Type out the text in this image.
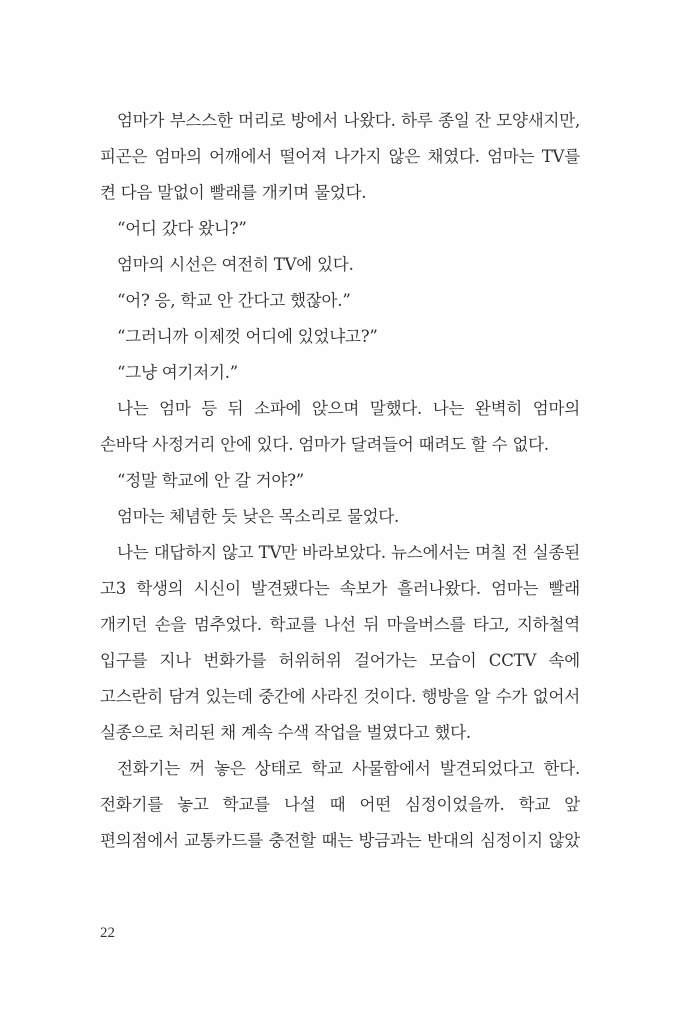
엄마가 부스스한 머리로 방에서 나왔다. 하루 종일 잔 모양새지만, 피곤은 엄마의 어깨에서 떨어져 나가지 않은 채였다. 엄마는 TV를 켠 다음 말없이 빨래를 개키며 물었다.

“어디 갔다 왔니?”

엄마의 시선은 여전히 TV에 있다.

“어? 응, 학교 안 간다고 했잖아.”

“그러니까 이제껏 어디에 있었냐고?”

“그냥 여기저기.”

나는 엄마 등 뒤 소파에 앉으며 말했다. 나는 완벽히 엄마의 손바닥 사정거리 안에 있다. 엄마가 달려들어 때려도 할 수 없다.

“정말 학교에 안 갈 거야?”

엄마는 체념한 듯 낮은 목소리로 물었다.

나는 대답하지 않고 TV만 바라보았다. 뉴스에서는 며칠 전 실종된 고3 학생의 시신이 발견됐다는 속보가 흘러나왔다. 엄마는 빨래 개키던 손을 멈추었다. 학교를 나선 뒤 마을버스를 타고, 지하철역 입구를 지나 번화가를 허위허위 걸어가는 모습이 CCTV 속에 고스란히 담겨 있는데 중간에 사라진 것이다. 행방을 알 수가 없어서 실종으로 처리된 채 계속 수색 작업을 벌였다고 했다.

전화기는 꺼 놓은 상태로 학교 사물함에서 발견되었다고 한다. 전화기를 놓고 학교를 나설 때 어떤 심정이었을까. 학교 앞 편의점에서 교통카드를 충전할 때는 방금과는 반대의 심정이지 않았

22
